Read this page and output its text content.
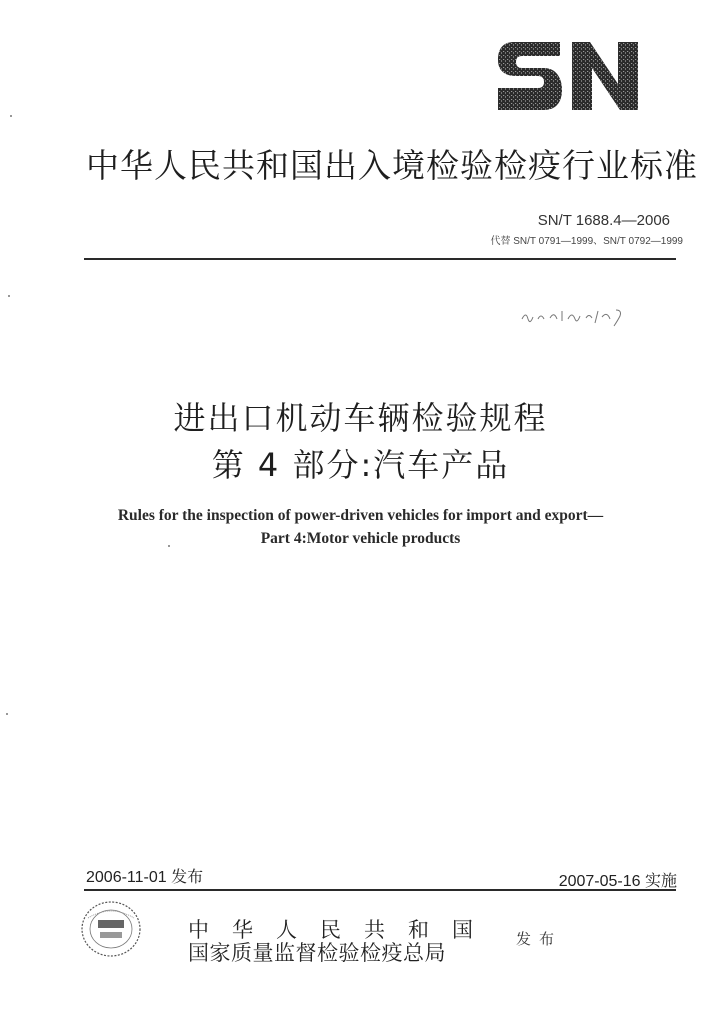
中华人民共和国出入境检验检疫行业标准
SN/T 1688.4—2006
代替 SN/T 0791—1999、SN/T 0792—1999
进出口机动车辆检验规程
第 4 部分:汽车产品
Rules for the inspection of power-driven vehicles for import and export—
Part 4:Motor vehicle products
2006-11-01 发布	2007-05-16 实施
中华人民共和国
国家质量监督检验检疫总局
发布
